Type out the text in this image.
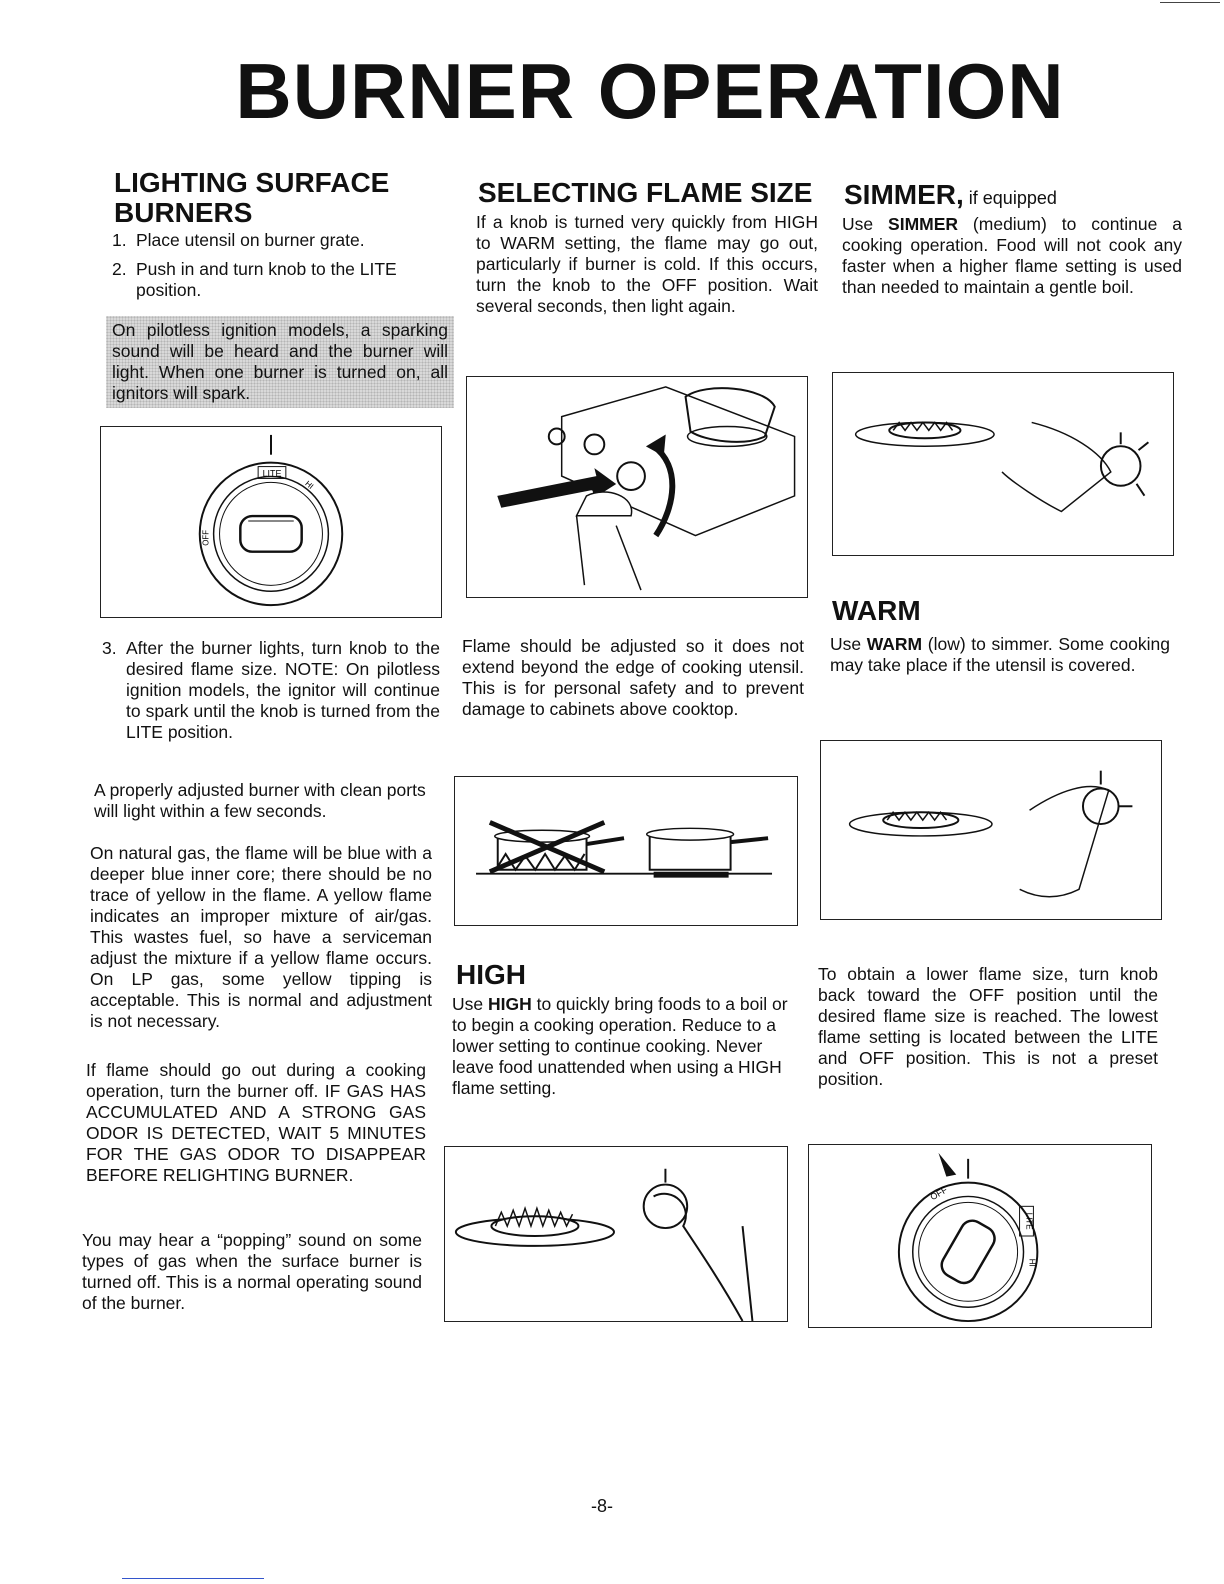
BURNER OPERATION
LIGHTING SURFACE
BURNERS
1. Place utensil on burner grate.
2. Push in and turn knob to the LITE position.
On pilotless ignition models, a sparking sound will be heard and the burner will light. When one burner is turned on, all ignitors will spark.
LITE
HI
OFF
3. After the burner lights, turn knob to the desired flame size. NOTE: On pilotless ignition models, the ignitor will continue to spark until the knob is turned from the LITE position.
A properly adjusted burner with clean ports will light within a few seconds.
On natural gas, the flame will be blue with a deeper blue inner core; there should be no trace of yellow in the flame. A yellow flame indicates an improper mixture of air/gas. This wastes fuel, so have a serviceman adjust the mixture if a yellow flame occurs. On LP gas, some yellow tipping is acceptable. This is normal and adjustment is not necessary.
If flame should go out during a cooking operation, turn the burner off. IF GAS HAS ACCUMULATED AND A STRONG GAS ODOR IS DETECTED, WAIT 5 MINUTES FOR THE GAS ODOR TO DISAPPEAR BEFORE RELIGHTING BURNER.
You may hear a “popping” sound on some types of gas when the surface burner is turned off. This is a normal operating sound of the burner.
SELECTING FLAME SIZE
If a knob is turned very quickly from HIGH to WARM setting, the flame may go out, particularly if burner is cold. If this occurs, turn the knob to the OFF position. Wait several seconds, then light again.
Flame should be adjusted so it does not extend beyond the edge of cooking utensil. This is for personal safety and to prevent damage to cabinets above cooktop.
HIGH
Use HIGH to quickly bring foods to a boil or to begin a cooking operation. Reduce to a lower setting to continue cooking. Never leave food unattended when using a HIGH flame setting.
SIMMER, if equipped
Use SIMMER (medium) to continue a cooking operation. Food will not cook any faster when a higher flame setting is used than needed to maintain a gentle boil.
WARM
Use WARM (low) to simmer. Some cooking may take place if the utensil is covered.
To obtain a lower flame size, turn knob back toward the OFF position until the desired flame size is reached. The lowest flame setting is located between the LITE and OFF position. This is not a preset position.
OFF
LITE
HI
-8-
